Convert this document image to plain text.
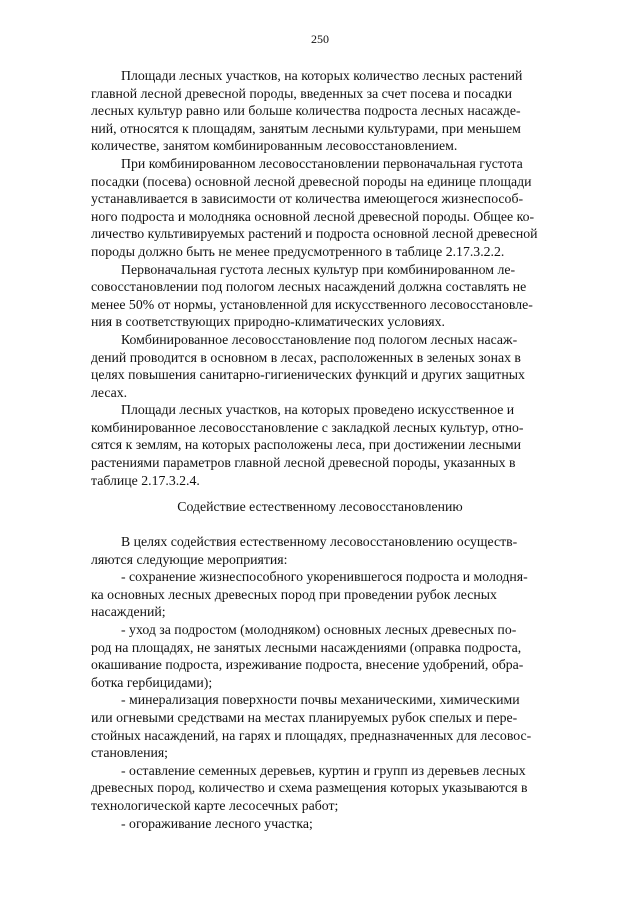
250
Площади лесных участков, на которых количество лесных растений
главной лесной древесной породы, введенных за счет посева и посадки
лесных культур равно или больше количества подроста лесных насажде-
ний, относятся к площадям, занятым лесными культурами, при меньшем
количестве, занятом комбинированным лесовосстановлением.
При комбинированном лесовосстановлении первоначальная густота
посадки (посева) основной лесной древесной породы на единице площади
устанавливается в зависимости от количества имеющегося жизнеспособ-
ного подроста и молодняка основной лесной древесной породы. Общее ко-
личество культивируемых растений и подроста основной лесной древесной
породы должно быть не менее предусмотренного в таблице 2.17.3.2.2.
Первоначальная густота лесных культур при комбинированном ле-
совосстановлении под пологом лесных насаждений должна составлять не
менее 50% от нормы, установленной для искусственного лесовосстановле-
ния в соответствующих природно-климатических условиях.
Комбинированное лесовосстановление под пологом лесных насаж-
дений проводится в основном в лесах, расположенных в зеленых зонах в
целях повышения санитарно-гигиенических функций и других защитных
лесах.
Площади лесных участков, на которых проведено искусственное и
комбинированное лесовосстановление с закладкой лесных культур, отно-
сятся к землям, на которых расположены леса, при достижении лесными
растениями параметров главной лесной древесной породы, указанных в
таблице 2.17.3.2.4.
Содействие естественному лесовосстановлению
В целях содействия естественному лесовосстановлению осуществ-
ляются следующие мероприятия:
- сохранение жизнеспособного укоренившегося подроста и молодня-
ка основных лесных древесных пород при проведении рубок лесных
насаждений;
- уход за подростом (молодняком) основных лесных древесных по-
род на площадях, не занятых лесными насаждениями (оправка подроста,
окашивание подроста, изреживание подроста, внесение удобрений, обра-
ботка гербицидами);
- минерализация поверхности почвы механическими, химическими
или огневыми средствами на местах планируемых рубок спелых и пере-
стойных насаждений, на гарях и площадях, предназначенных для лесовос-
становления;
- оставление семенных деревьев, куртин и групп из деревьев лесных
древесных пород, количество и схема размещения которых указываются в
технологической карте лесосечных работ;
- огораживание лесного участка;
